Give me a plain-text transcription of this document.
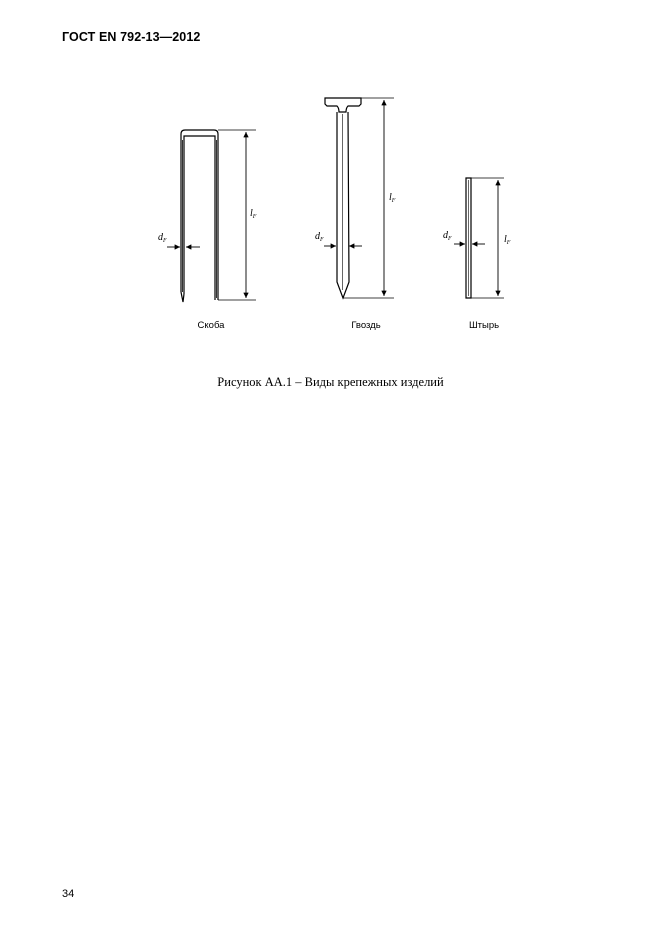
ГОСТ EN 792-13—2012
$d_F$
$l_F$
$d_F$
$l_F$
$d_F$	$l_F$
Скоба	Гвоздь	Штырь
Рисунок АА.1 – Виды крепежных изделий
34
